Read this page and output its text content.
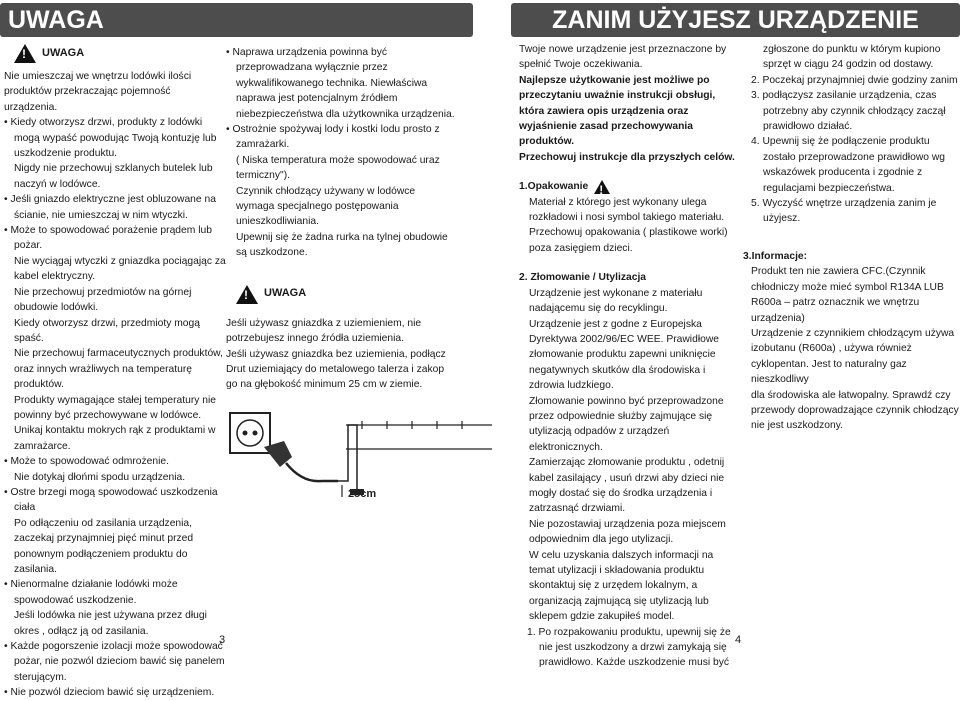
UWAGA	ZANIM UŻYJESZ URZĄDZENIE
!
UWAGA

Nie umieszczaj we wnętrzu lodówki ilości

produktów przekraczając pojemność urządzenia.

• Kiedy otworzysz drzwi, produkty z lodówki

mogą wypaść powodując Twoją kontuzję lub

uszkodzenie produktu.

Nigdy nie przechowuj szklanych butelek lub

naczyń w lodówce.

• Jeśli gniazdo elektryczne jest obluzowane na

ścianie, nie umieszczaj w nim wtyczki.

• Może to spowodować porażenie prądem lub

pożar.

Nie wyciągaj wtyczki z gniazdka pociągając za

kabel elektryczny.

Nie przechowuj przedmiotów na górnej

obudowie lodówki.

Kiedy otworzysz drzwi, przedmioty mogą spaść.

Nie przechowuj farmaceutycznych produktów,

oraz innych wrażliwych na temperaturę

produktów.

Produkty wymagające stałej temperatury nie

powinny być przechowywane w lodówce.

Unikaj kontaktu mokrych rąk z produktami w

zamrażarce.

• Może to spowodować odmrożenie.

Nie dotykaj dłońmi spodu urządzenia.

• Ostre brzegi mogą spowodować uszkodzenia

ciała

Po odłączeniu od zasilania urządzenia,

zaczekaj przynajmniej pięć minut przed

ponownym podłączeniem produktu do zasilania.

• Nienormalne działanie lodówki może

spowodować uszkodzenie.

Jeśli lodówka nie jest używana przez długi

okres , odłącz ją od zasilania.

• Każde pogorszenie izolacji może spowodować

pożar, nie pozwól dzieciom bawić się panelem

sterującym.

• Nie pozwól dzieciom bawić się urządzeniem.

• Naprawa urządzenia powinna być

przeprowadzana wyłącznie przez

wykwalifikowanego technika. Niewłaściwa

naprawa jest potencjalnym źródłem

niebezpieczeństwa dla użytkownika urządzenia.

• Ostrożnie spożywaj lody i kostki lodu prosto z

zamrażarki.

( Niska temperatura może spowodować uraz

termiczny").

Czynnik chłodzący używany w lodówce

wymaga specjalnego postępowania

unieszkodliwiania.

Upewnij się że żadna rurka na tylnej obudowie

są uszkodzone.

!
UWAGA

Jeśli używasz gniazdka z uziemieniem, nie

potrzebujesz innego źródła uziemienia.

Jeśli używasz gniazdka bez uziemienia, podłącz

Drut uziemiający do metalowego talerza i zakop

go na głębokość minimum 25 cm w ziemie.

25cm

Twoje nowe urządzenie jest przeznaczone by

spełnić Twoje oczekiwania.

Najlepsze użytkowanie jest możliwe po

przeczytaniu uważnie instrukcji obsługi,

która zawiera opis urządzenia oraz

wyjaśnienie zasad przechowywania

produktów.

Przechowuj instrukcje dla przyszłych celów.

1.Opakowanie
!

Materiał z którego jest wykonany ulega

rozkładowi i nosi symbol takiego materiału.

Przechowuj opakowania ( plastikowe worki)

poza zasięgiem dzieci.

2. Złomowanie / Utylizacja

Urządzenie jest wykonane z materiału

nadającemu się do recyklingu.

Urządzenie jest z godne z Europejska

Dyrektywa 2002/96/EC WEE. Prawidłowe

złomowanie produktu zapewni uniknięcie

negatywnych skutków dla środowiska i

zdrowia ludzkiego.

Złomowanie powinno być przeprowadzone

przez odpowiednie służby zajmujące się

utylizacją odpadów z urządzeń

elektronicznych.

Zamierzając złomowanie produktu , odetnij

kabel zasilający , usuń drzwi aby dzieci nie

mogły dostać się do środka urządzenia i

zatrzasnąć drzwiami.

Nie pozostawiaj urządzenia poza miejscem

odpowiednim dla jego utylizacji.

W celu uzyskania dalszych informacji na

temat utylizacji i składowania produktu

skontaktuj się z urzędem lokalnym, a

organizacją zajmującą się utylizacją lub

sklepem gdzie zakupiłeś model.

1. Po rozpakowaniu produktu, upewnij się że

nie jest uszkodzony a drzwi zamykają się

prawidłowo. Każde uszkodzenie musi być

zgłoszone do punktu w którym kupiono

sprzęt w ciągu 24 godzin od dostawy.

2. Poczekaj przynajmniej dwie godziny zanim

3. podłączysz zasilanie urządzenia, czas

potrzebny aby czynnik chłodzący zaczął

prawidłowo działać.

4. Upewnij się że podłączenie produktu

zostało przeprowadzone prawidłowo wg

wskazówek producenta i zgodnie z

regulacjami bezpieczeństwa.

5. Wyczyść wnętrze urządzenia zanim je

użyjesz.

3.Informacje:

Produkt ten nie zawiera CFC.(Czynnik

chłodniczy może mieć symbol R134A LUB

R600a – patrz oznacznik we wnętrzu

urządzenia)

Urządzenie z czynnikiem chłodzącym używa

izobutanu (R600a) , używa również

cyklopentan. Jest to naturalny gaz nieszkodliwy

dla środowiska ale łatwopalny. Sprawdź czy

przewody doprowadzające czynnik chłodzący

nie jest uszkodzony.

3	4
